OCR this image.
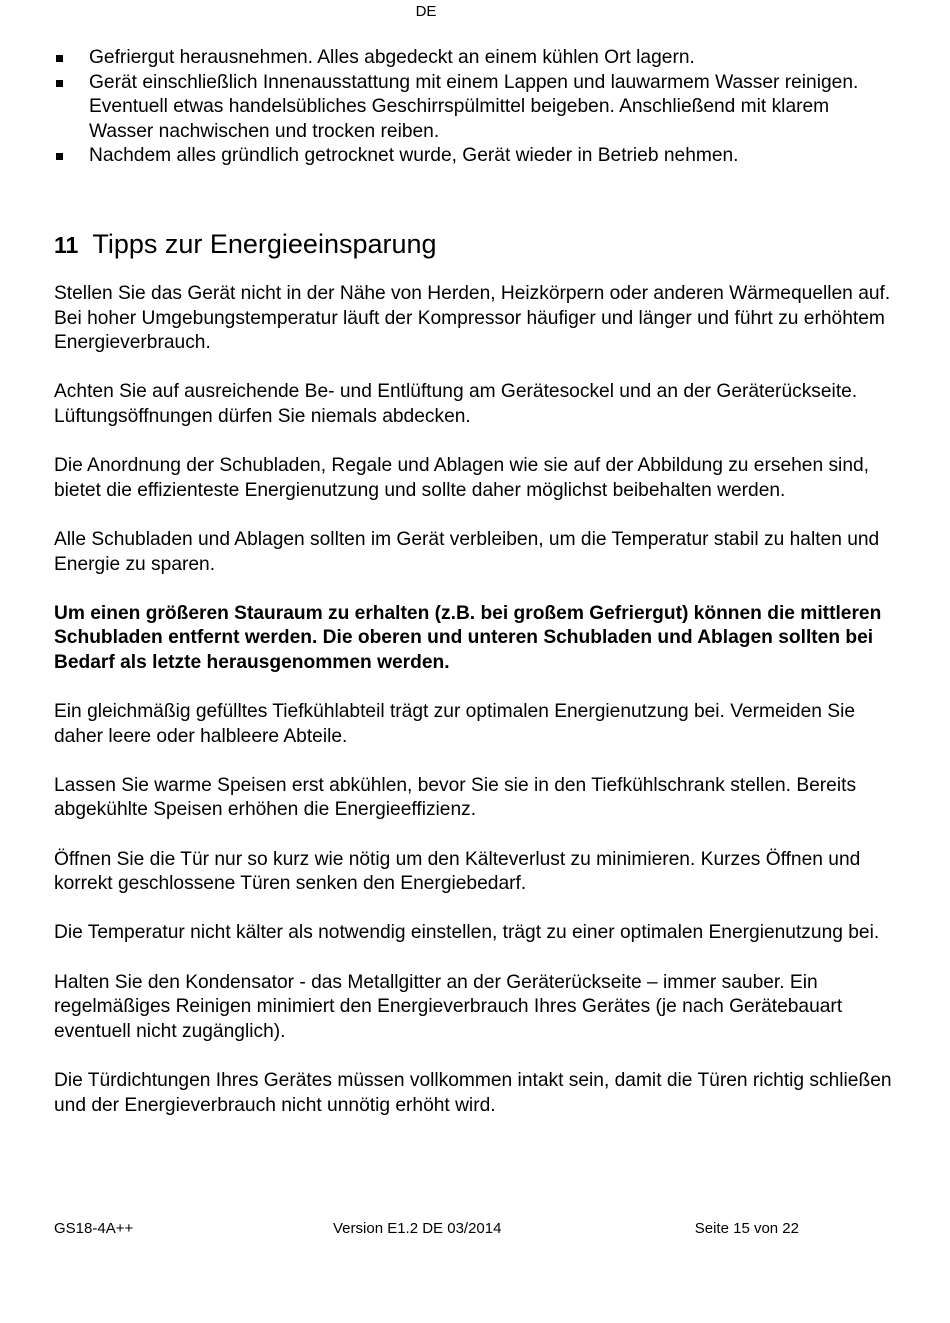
DE
Gefriergut herausnehmen. Alles abgedeckt an einem kühlen Ort lagern.
Gerät einschließlich Innenausstattung mit einem Lappen und lauwarmem Wasser reinigen. Eventuell etwas handelsübliches Geschirrspülmittel beigeben. Anschließend mit klarem Wasser nachwischen und trocken reiben.
Nachdem alles gründlich getrocknet wurde, Gerät wieder in Betrieb nehmen.
11 Tipps zur Energieeinsparung

Stellen Sie das Gerät nicht in der Nähe von Herden, Heizkörpern oder anderen Wärmequellen auf. Bei hoher Umgebungstemperatur läuft der Kompressor häufiger und länger und führt zu erhöhtem Energieverbrauch.

Achten Sie auf ausreichende Be- und Entlüftung am Gerätesockel und an der Geräterückseite. Lüftungsöffnungen dürfen Sie niemals abdecken.

Die Anordnung der Schubladen, Regale und Ablagen wie sie auf der Abbildung zu ersehen sind, bietet die effizienteste Energienutzung und sollte daher möglichst beibehalten werden.

Alle Schubladen und Ablagen sollten im Gerät verbleiben, um die Temperatur stabil zu halten und Energie zu sparen.

Um einen größeren Stauraum zu erhalten (z.B. bei großem Gefriergut) können die mittleren Schubladen entfernt werden. Die oberen und unteren Schubladen und Ablagen sollten bei Bedarf als letzte herausgenommen werden.

Ein gleichmäßig gefülltes Tiefkühlabteil trägt zur optimalen Energienutzung bei. Vermeiden Sie daher leere oder halbleere Abteile.

Lassen Sie warme Speisen erst abkühlen, bevor Sie sie in den Tiefkühlschrank stellen. Bereits abgekühlte Speisen erhöhen die Energieeffizienz.

Öffnen Sie die Tür nur so kurz wie nötig um den Kälteverlust zu minimieren. Kurzes Öffnen und korrekt geschlossene Türen senken den Energiebedarf.

Die Temperatur nicht kälter als notwendig einstellen, trägt zu einer optimalen Energienutzung bei.

Halten Sie den Kondensator - das Metallgitter an der Geräterückseite – immer sauber. Ein regelmäßiges Reinigen minimiert den Energieverbrauch Ihres Gerätes (je nach Gerätebauart eventuell nicht zugänglich).

Die Türdichtungen Ihres Gerätes müssen vollkommen intakt sein, damit die Türen richtig schließen und der Energieverbrauch nicht unnötig erhöht wird.

GS18-4A++	Version E1.2 DE 03/2014	Seite 15 von 22
